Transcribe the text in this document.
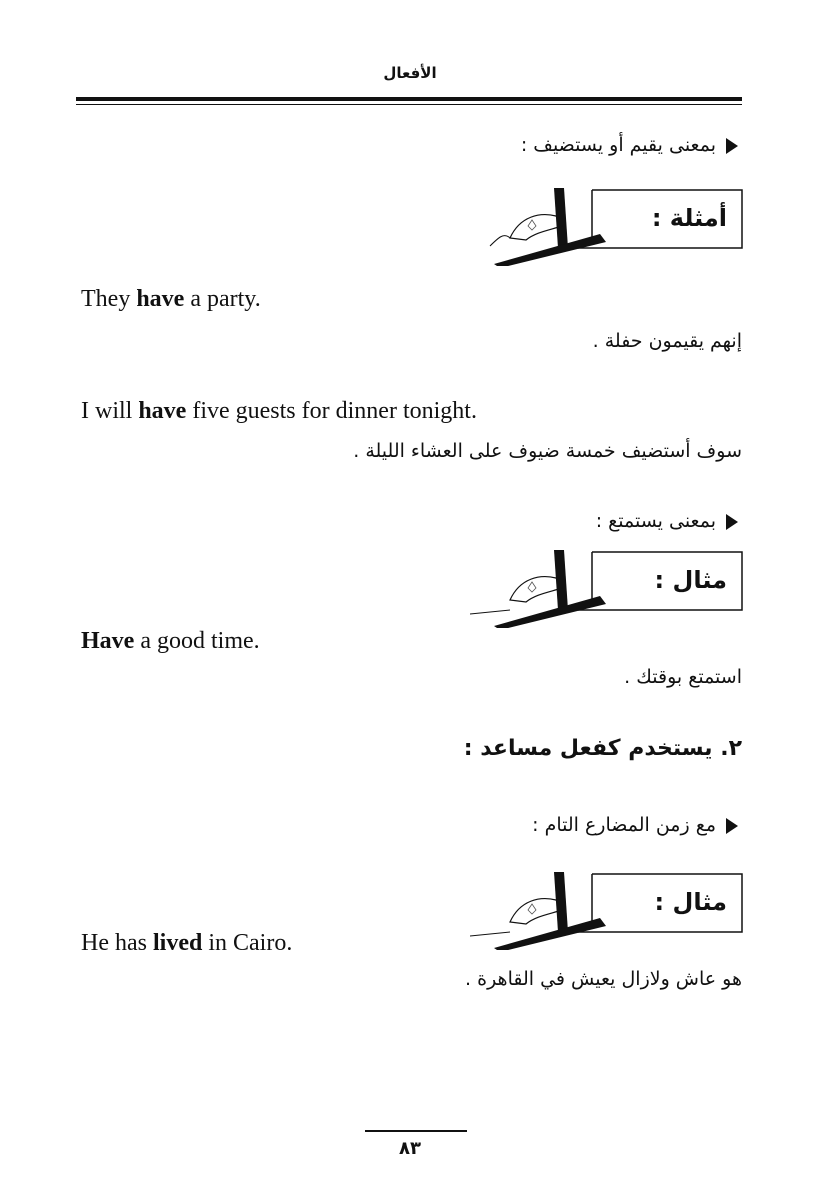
الأفعال
بمعنى يقيم أو يستضيف :
أمثلة :
They have a party.
إنهم يقيمون حفلة .
I will have five guests for dinner tonight.
سوف أستضيف خمسة ضيوف على العشاء الليلة .
بمعنى يستمتع :
مثال :
Have a good time.
استمتع بوقتك .
٢. يستخدم كفعل مساعد :
مع زمن المضارع التام :
مثال :
He has lived in Cairo.
هو عاش ولازال يعيش في القاهرة .
٨٣
